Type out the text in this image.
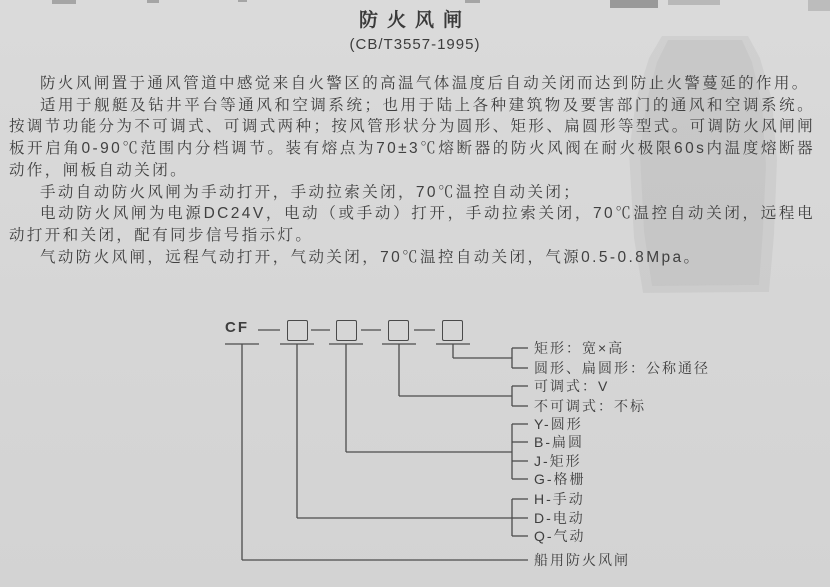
防火风闸
(CB/T3557-1995)

防火风闸置于通风管道中感觉来自火警区的高温气体温度后自动关闭而达到防止火警蔓延的作用。

适用于舰艇及钻井平台等通风和空调系统；也用于陆上各种建筑物及要害部门的通风和空调系统。按调节功能分为不可调式、可调式两种；按风管形状分为圆形、矩形、扁圆形等型式。可调防火风闸闸板开启角0-90℃范围内分档调节。装有熔点为70±3℃熔断器的防火风阀在耐火极限60s内温度熔断器动作，闸板自动关闭。

手动自动防火风闸为手动打开，手动拉索关闭，70℃温控自动关闭；

电动防火风闸为电源DC24V，电动（或手动）打开，手动拉索关闭，70℃温控自动关闭，远程电动打开和关闭，配有同步信号指示灯。

气动防火风闸，远程气动打开，气动关闭，70℃温控自动关闭，气源0.5-0.8Mpa。

CF
矩形：宽×高
圆形、扁圆形：公称通径
可调式：V
不可调式：不标
Y-圆形
B-扁圆
J-矩形
G-格栅
H-手动
D-电动
Q-气动
船用防火风闸
